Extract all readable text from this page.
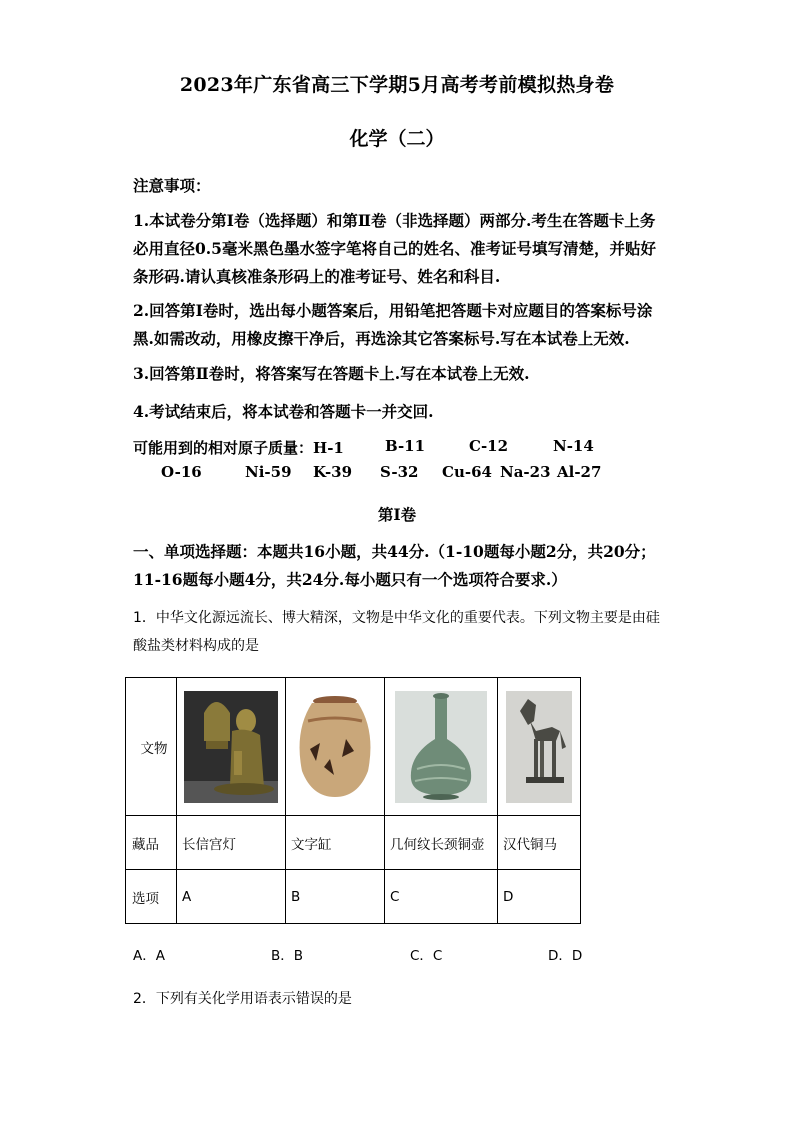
2023年广东省高三下学期5月高考考前模拟热身卷
化学（二）
注意事项：
1.本试卷分第Ⅰ卷（选择题）和第Ⅱ卷（非选择题）两部分.考生在答题卡上务必用直径0.5毫米黑色墨水签字笔将自己的姓名、准考证号填写清楚，并贴好条形码.请认真核准条形码上的准考证号、姓名和科目.
2.回答第Ⅰ卷时，选出每小题答案后，用铅笔把答题卡对应题目的答案标号涂黑.如需改动，用橡皮擦干净后，再选涂其它答案标号.写在本试卷上无效.
3.回答第Ⅱ卷时，将答案写在答题卡上.写在本试卷上无效.
4.考试结束后，将本试卷和答题卡一并交回.
可能用到的相对原子质量：H-1	B-11	C-12	N-14
O-16	Ni-59 K-39 S-32 Cu-64 Na-23 Al-27
第Ⅰ卷
一、单项选择题：本题共16小题，共44分.（1-10题每小题2分，共20分；11-16题每小题4分，共24分.每小题只有一个选项符合要求.）
1．中华文化源远流长、博大精深，文物是中华文化的重要代表。下列文物主要是由硅酸盐类材料构成的是
文物				
藏品	长信宫灯	文字缸	几何纹长颈铜壶	汉代铜马
选项	A	B	C	D
A．A	B．B	C．C	D．D
2．下列有关化学用语表示错误的是
